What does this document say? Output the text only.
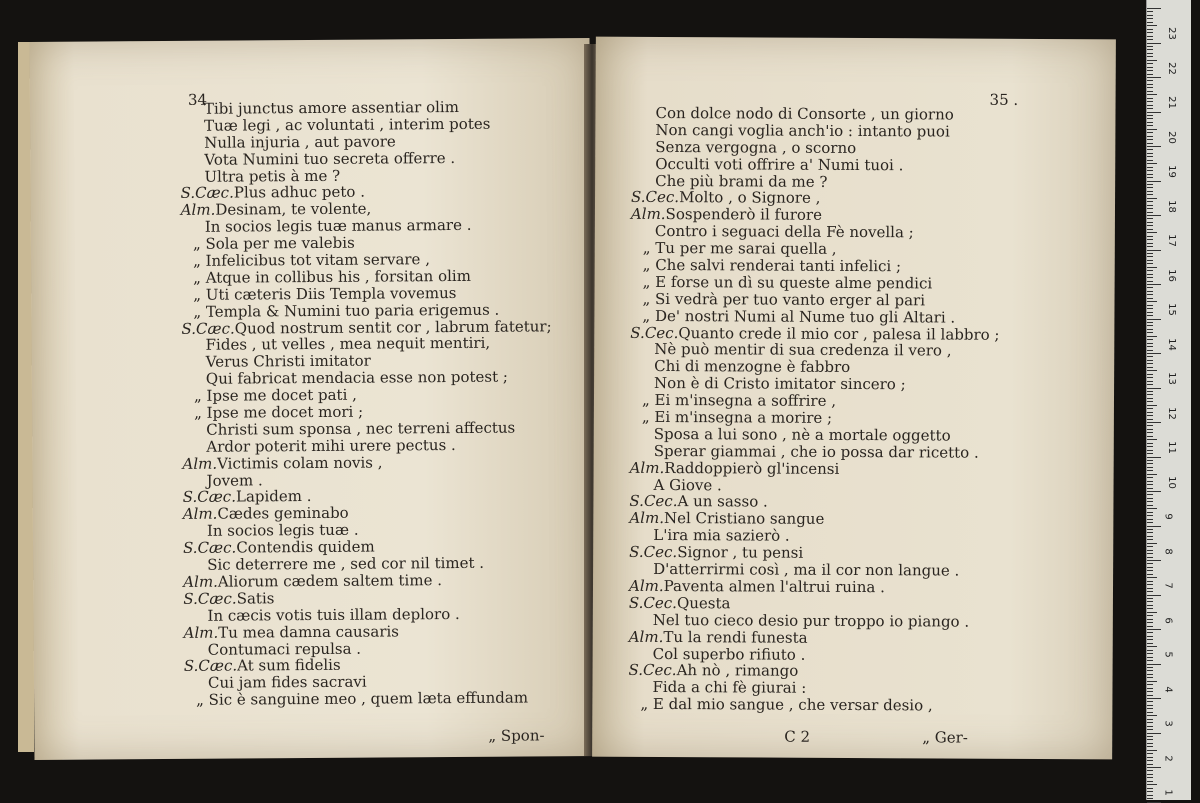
34
Tibi junctus amore assentiar olim
Tuæ legi , ac voluntati , interim potes
Nulla injuria , aut pavore
Vota Numini tuo secreta offerre .
Ultra petis à me ?
S.Cæc.Plus adhuc peto .
Alm.Desinam, te volente,
In socios legis tuæ manus armare .
„ Sola per me valebis
„ Infelicibus tot vitam servare ,
„ Atque in collibus his , forsitan olim
„ Uti cæteris Diis Templa vovemus
„ Templa & Numini tuo paria erigemus .
S.Cæc.Quod nostrum sentit cor , labrum fatetur;
Fides , ut velles , mea nequit mentiri,
Verus Christi imitator
Qui fabricat mendacia esse non potest ;
„ Ipse me docet pati ,
„ Ipse me docet mori ;
Christi sum sponsa , nec terreni affectus
Ardor poterit mihi urere pectus .
Alm.Victimis colam novis ,
Jovem .
S.Cæc.Lapidem .
Alm.Cædes geminabo
In socios legis tuæ .
S.Cæc.Contendis quidem
Sic deterrere me , sed cor nil timet .
Alm.Aliorum cædem saltem time .
S.Cæc.Satis
In cæcis votis tuis illam deploro .
Alm.Tu mea damna causaris
Contumaci repulsa .
S.Cæc.At sum fidelis
Cui jam fides sacravi
„ Sic è sanguine meo , quem læta effundam
„ Spon-
35 .
Con dolce nodo di Consorte , un giorno
Non cangi voglia anch'io : intanto puoi
Senza vergogna , o scorno
Occulti voti offrire a' Numi tuoi .
Che più brami da me ?
S.Cec.Molto , o Signore ,
Alm.Sospenderò il furore
Contro i seguaci della Fè novella ;
„ Tu per me sarai quella ,
„ Che salvi renderai tanti infelici ;
„ E forse un dì su queste alme pendici
„ Si vedrà per tuo vanto erger al pari
„ De' nostri Numi al Nume tuo gli Altari .
S.Cec.Quanto crede il mio cor , palesa il labbro ;
Nè può mentir di sua credenza il vero ,
Chi di menzogne è fabbro
Non è di Cristo imitator sincero ;
„ Ei m'insegna a soffrire ,
„ Ei m'insegna a morire ;
Sposa a lui sono , nè a mortale oggetto
Sperar giammai , che io possa dar ricetto .
Alm.Raddoppierò gl'incensi
A Giove .
S.Cec.A un sasso .
Alm.Nel Cristiano sangue
L'ira mia sazierò .
S.Cec.Signor , tu pensi
D'atterrirmi così , ma il cor non langue .
Alm.Paventa almen l'altrui ruina .
S.Cec.Questa
Nel tuo cieco desio pur troppo io piango .
Alm.Tu la rendi funesta
Col superbo rifiuto .
S.Cec.Ah nò , rimango
Fida a chi fè giurai :
„ E dal mio sangue , che versar desio ,
C 2	„ Ger-
23
22
21
20
19
18
17
16
15
14
13
12
11
10
9
8
7
6
5
4
3
2
1
